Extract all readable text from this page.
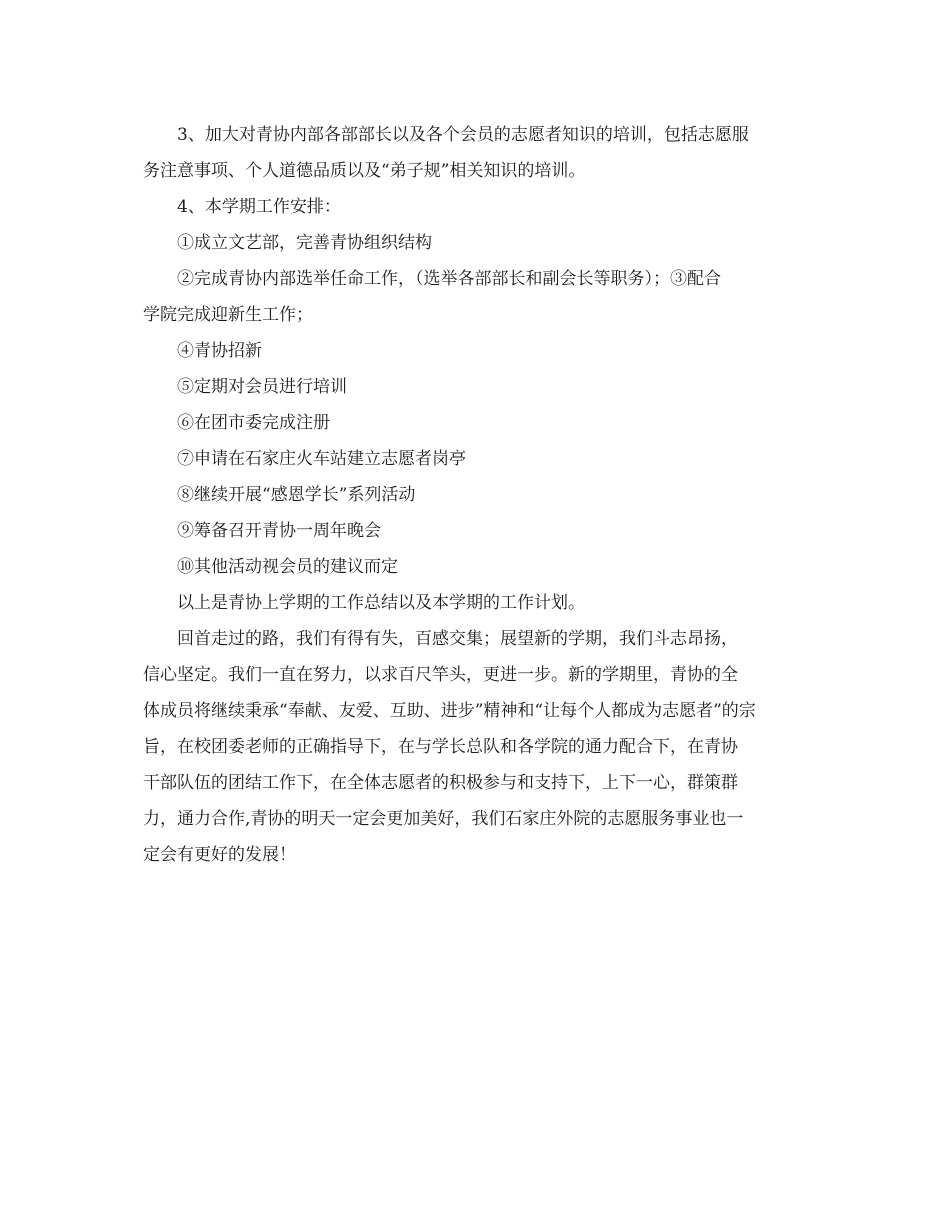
3、加大对青协内部各部部长以及各个会员的志愿者知识的培训，包括志愿服
务注意事项、个人道德品质以及“弟子规”相关知识的培训。
4、本学期工作安排：
①成立文艺部，完善青协组织结构
②完成青协内部选举任命工作，（选举各部部长和副会长等职务）；③配合
学院完成迎新生工作；
④青协招新
⑤定期对会员进行培训
⑥在团市委完成注册
⑦申请在石家庄火车站建立志愿者岗亭
⑧继续开展“感恩学长”系列活动
⑨筹备召开青协一周年晚会
⑩其他活动视会员的建议而定
以上是青协上学期的工作总结以及本学期的工作计划。
回首走过的路，我们有得有失，百感交集；展望新的学期，我们斗志昂扬，
信心坚定。我们一直在努力，以求百尺竿头，更进一步。新的学期里，青协的全
体成员将继续秉承“奉献、友爱、互助、进步”精神和“让每个人都成为志愿者”的宗
旨，在校团委老师的正确指导下，在与学长总队和各学院的通力配合下，在青协
干部队伍的团结工作下，在全体志愿者的积极参与和支持下，上下一心，群策群
力，通力合作,青协的明天一定会更加美好，我们石家庄外院的志愿服务事业也一
定会有更好的发展！
